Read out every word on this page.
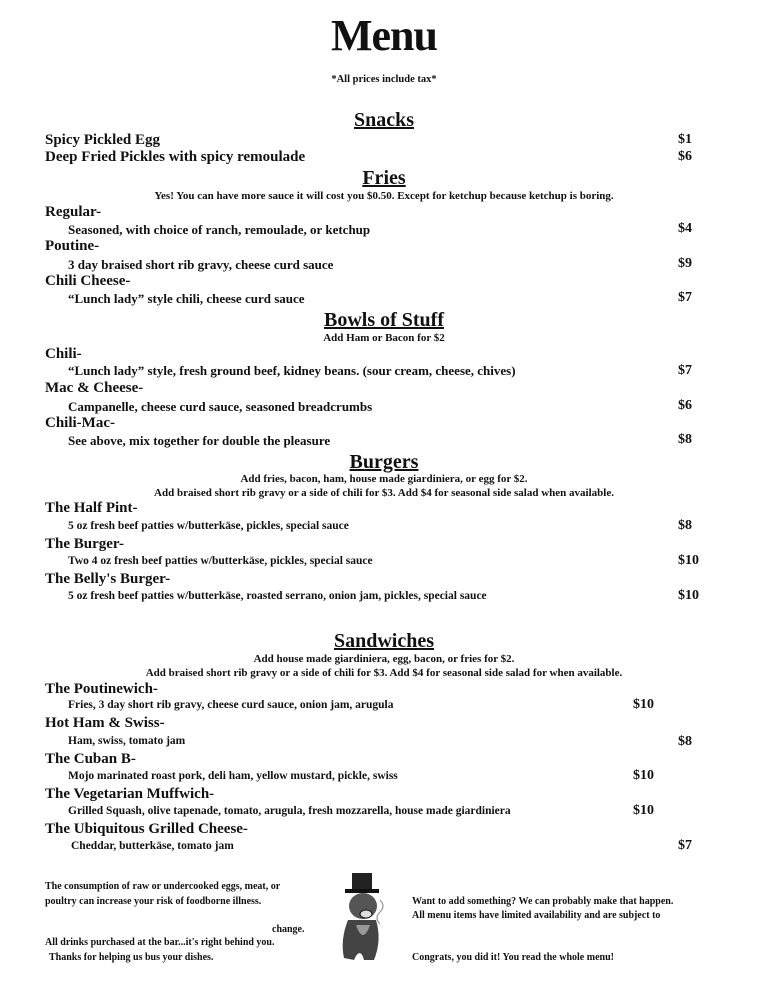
Menu
*All prices include tax*
Snacks
Spicy Pickled Egg	$1
Deep Fried Pickles with spicy remoulade	$6
Fries
Yes! You can have more sauce it will cost you $0.50. Except for ketchup because ketchup is boring.
Regular-
Seasoned, with choice of ranch, remoulade, or ketchup	$4
Poutine-
3 day braised short rib gravy, cheese curd sauce	$9
Chili Cheese-
“Lunch lady” style chili, cheese curd sauce	$7
Bowls of Stuff
Add Ham or Bacon for $2
Chili-
“Lunch lady” style, fresh ground beef, kidney beans. (sour cream, cheese, chives)	$7
Mac & Cheese-
Campanelle, cheese curd sauce, seasoned breadcrumbs	$6
Chili-Mac-
See above, mix together for double the pleasure	$8
Burgers
Add fries, bacon, ham, house made giardiniera, or egg for $2.
Add braised short rib gravy or a side of chili for $3. Add $4 for seasonal side salad when available.
The Half Pint-
5 oz fresh beef patties w/butterkäse, pickles, special sauce	$8
The Burger-
Two 4 oz fresh beef patties w/butterkäse, pickles, special sauce	$10
The Belly's Burger-
5 oz fresh beef patties w/butterkäse, roasted serrano, onion jam, pickles, special sauce	$10
Sandwiches
Add house made giardiniera, egg, bacon, or fries for $2.
Add braised short rib gravy or a side of chili for $3. Add $4 for seasonal side salad for when available.
The Poutinewich-
Fries, 3 day short rib gravy, cheese curd sauce, onion jam, arugula	$10
Hot Ham & Swiss-
Ham, swiss, tomato jam	$8
The Cuban B-
Mojo marinated roast pork, deli ham, yellow mustard, pickle, swiss	$10
The Vegetarian Muffwich-
Grilled Squash, olive tapenade, tomato, arugula, fresh mozzarella, house made giardiniera	$10
The Ubiquitous Grilled Cheese-
Cheddar, butterkäse, tomato jam	$7
The consumption of raw or undercooked eggs, meat, or
poultry can increase your risk of foodborne illness.
change.
All drinks purchased at the bar...it's right behind you.
Thanks for helping us bus your dishes.
Want to add something? We can probably make that happen.
All menu items have limited availability and are subject to
Congrats, you did it! You read the whole menu!
